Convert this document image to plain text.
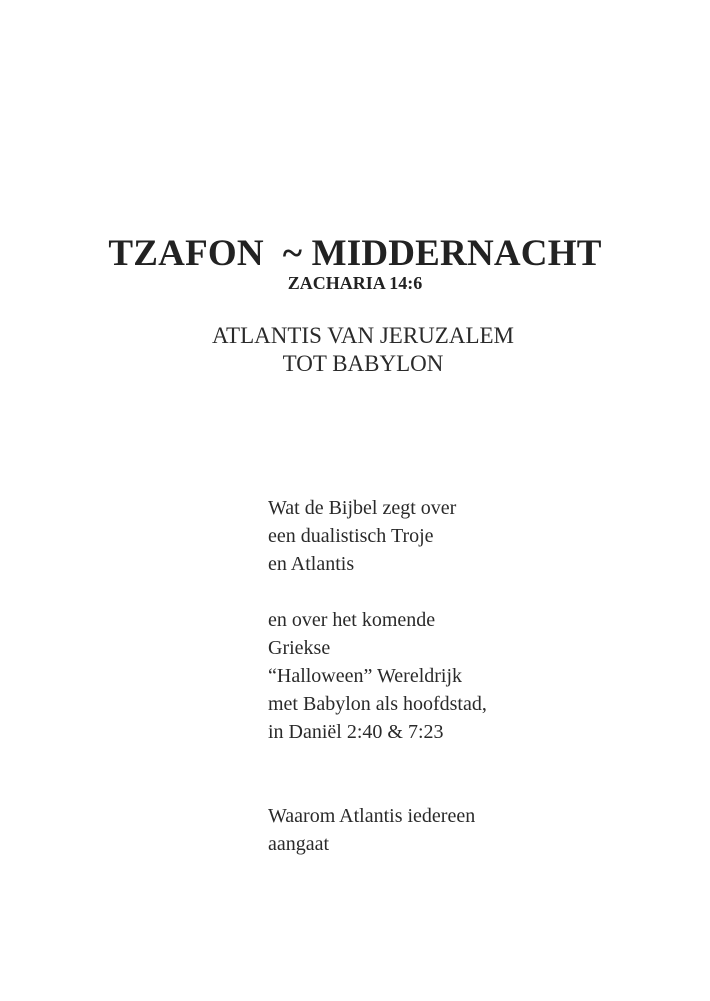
TZAFON  ~ MIDDERNACHT
ZACHARIA 14:6
ATLANTIS VAN JERUZALEM
TOT BABYLON
Wat de Bijbel zegt over
een dualistisch Troje
en Atlantis
en over het komende
Griekse
“Halloween” Wereldrijk
met Babylon als hoofdstad,
in Daniël 2:40 & 7:23
Waarom Atlantis iedereen
aangaat
